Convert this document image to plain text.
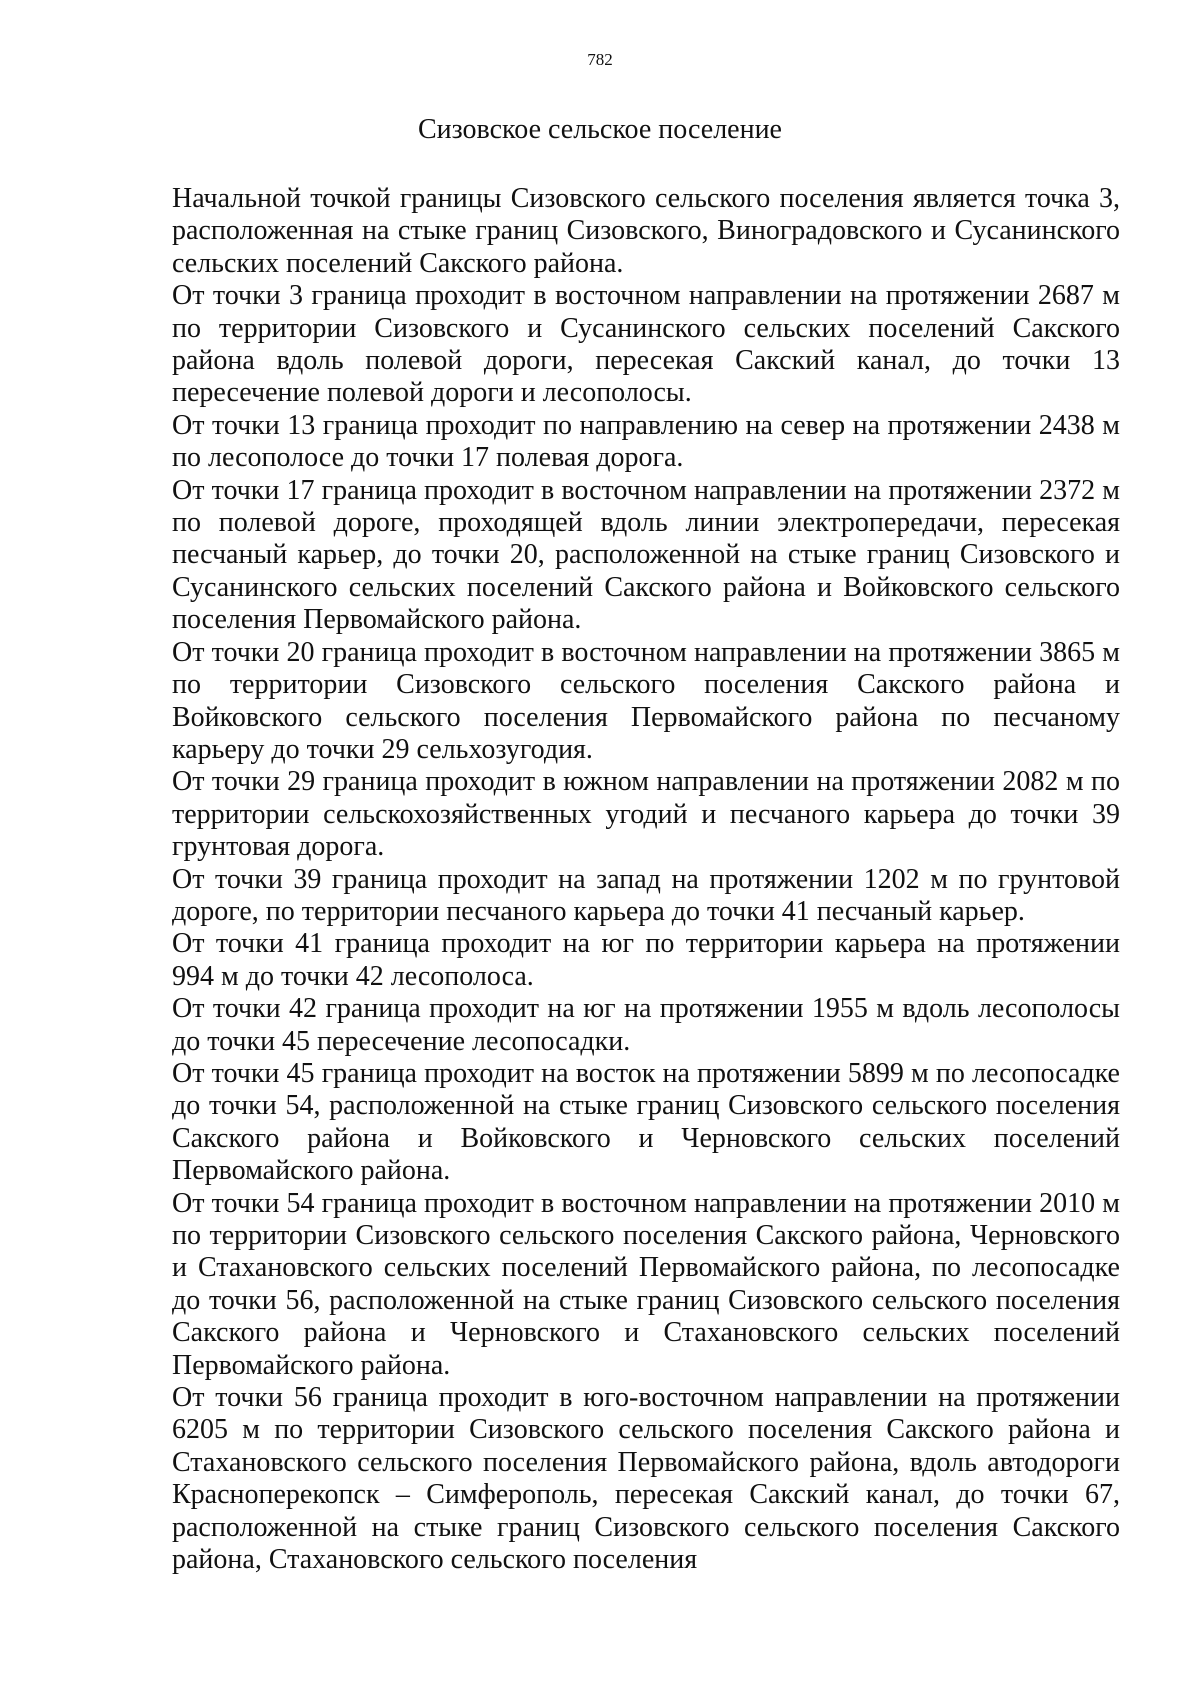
782
Сизовское сельское поселение

Начальной точкой границы Сизовского сельского поселения является точка 3, расположенная на стыке границ Сизовского, Виноградовского и Сусанинского сельских поселений Сакского района.

От точки 3 граница проходит в восточном направлении на протяжении 2687 м по территории Сизовского и Сусанинского сельских поселений Сакского района вдоль полевой дороги, пересекая Сакский канал, до точки 13 пересечение полевой дороги и лесополосы.

От точки 13 граница проходит по направлению на север на протяжении 2438 м по лесополосе до точки 17 полевая дорога.

От точки 17 граница проходит в восточном направлении на протяжении 2372 м по полевой дороге, проходящей вдоль линии электропередачи, пересекая песчаный карьер, до точки 20, расположенной на стыке границ Сизовского и Сусанинского сельских поселений Сакского района и Войковского сельского поселения Первомайского района.

От точки 20 граница проходит в восточном направлении на протяжении 3865 м по территории Сизовского сельского поселения Сакского района и Войковского сельского поселения Первомайского района по песчаному карьеру до точки 29 сельхозугодия.

От точки 29 граница проходит в южном направлении на протяжении 2082 м по территории сельскохозяйственных угодий и песчаного карьера до точки 39 грунтовая дорога.

От точки 39 граница проходит на запад на протяжении 1202 м по грунтовой дороге, по территории песчаного карьера до точки 41 песчаный карьер.

От точки 41 граница проходит на юг по территории карьера на протяжении 994 м до точки 42 лесополоса.

От точки 42 граница проходит на юг на протяжении 1955 м вдоль лесополосы до точки 45 пересечение лесопосадки.

От точки 45 граница проходит на восток на протяжении 5899 м по лесопосадке до точки 54, расположенной на стыке границ Сизовского сельского поселения Сакского района и Войковского и Черновского сельских поселений Первомайского района.

От точки 54 граница проходит в восточном направлении на протяжении 2010 м по территории Сизовского сельского поселения Сакского района, Черновского и Стахановского сельских поселений Первомайского района, по лесопосадке до точки 56, расположенной на стыке границ Сизовского сельского поселения Сакского района и Черновского и Стахановского сельских поселений Первомайского района.

От точки 56 граница проходит в юго-восточном направлении на протяжении 6205 м по территории Сизовского сельского поселения Сакского района и Стахановского сельского поселения Первомайского района, вдоль автодороги Красноперекопск – Симферополь, пересекая Сакский канал, до точки 67, расположенной на стыке границ Сизовского сельского поселения Сакского района, Стахановского сельского поселения
